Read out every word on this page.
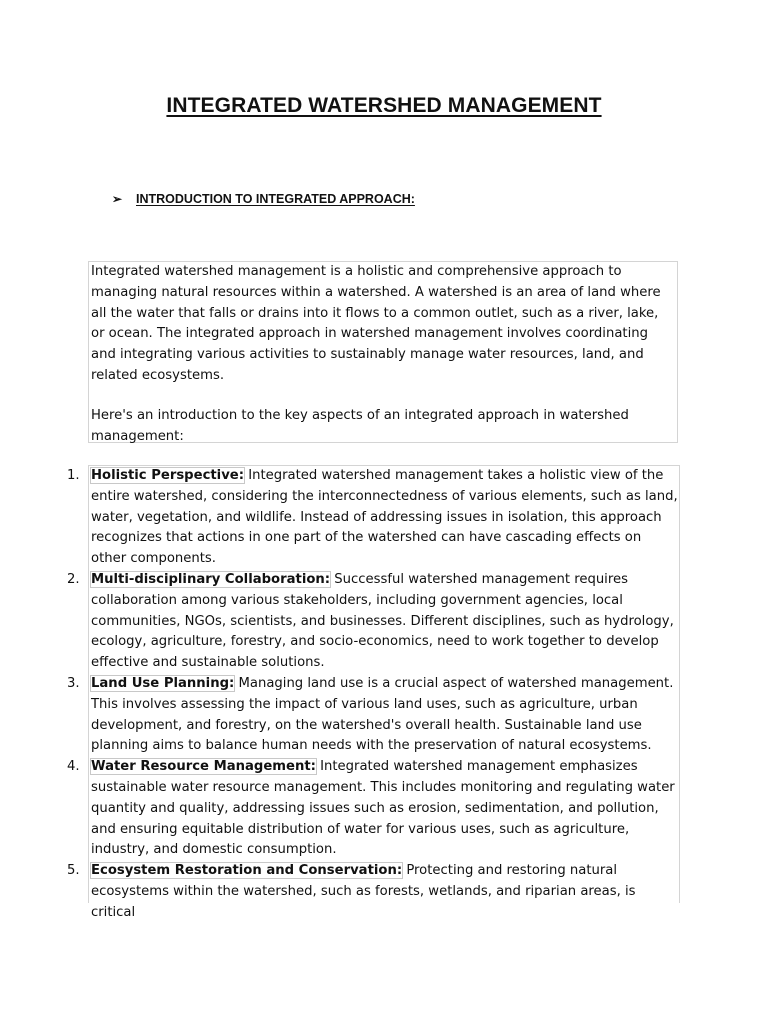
INTEGRATED WATERSHED MANAGEMENT
➢	INTRODUCTION TO INTEGRATED APPROACH:

Integrated watershed management is a holistic and comprehensive approach to managing natural resources within a watershed. A watershed is an area of land where all the water that falls or drains into it flows to a common outlet, such as a river, lake, or ocean. The integrated approach in watershed management involves coordinating and integrating various activities to sustainably manage water resources, land, and related ecosystems.

Here's an introduction to the key aspects of an integrated approach in watershed management:

Holistic Perspective: Integrated watershed management takes a holistic view of the entire watershed, considering the interconnectedness of various elements, such as land, water, vegetation, and wildlife. Instead of addressing issues in isolation, this approach recognizes that actions in one part of the watershed can have cascading effects on other components.
Multi-disciplinary Collaboration: Successful watershed management requires collaboration among various stakeholders, including government agencies, local communities, NGOs, scientists, and businesses. Different disciplines, such as hydrology, ecology, agriculture, forestry, and socio-economics, need to work together to develop effective and sustainable solutions.
Land Use Planning: Managing land use is a crucial aspect of watershed management. This involves assessing the impact of various land uses, such as agriculture, urban development, and forestry, on the watershed's overall health. Sustainable land use planning aims to balance human needs with the preservation of natural ecosystems.
Water Resource Management: Integrated watershed management emphasizes sustainable water resource management. This includes monitoring and regulating water quantity and quality, addressing issues such as erosion, sedimentation, and pollution, and ensuring equitable distribution of water for various uses, such as agriculture, industry, and domestic consumption.
Ecosystem Restoration and Conservation: Protecting and restoring natural ecosystems within the watershed, such as forests, wetlands, and riparian areas, is critical
1.
2.
3.
4.
5.
